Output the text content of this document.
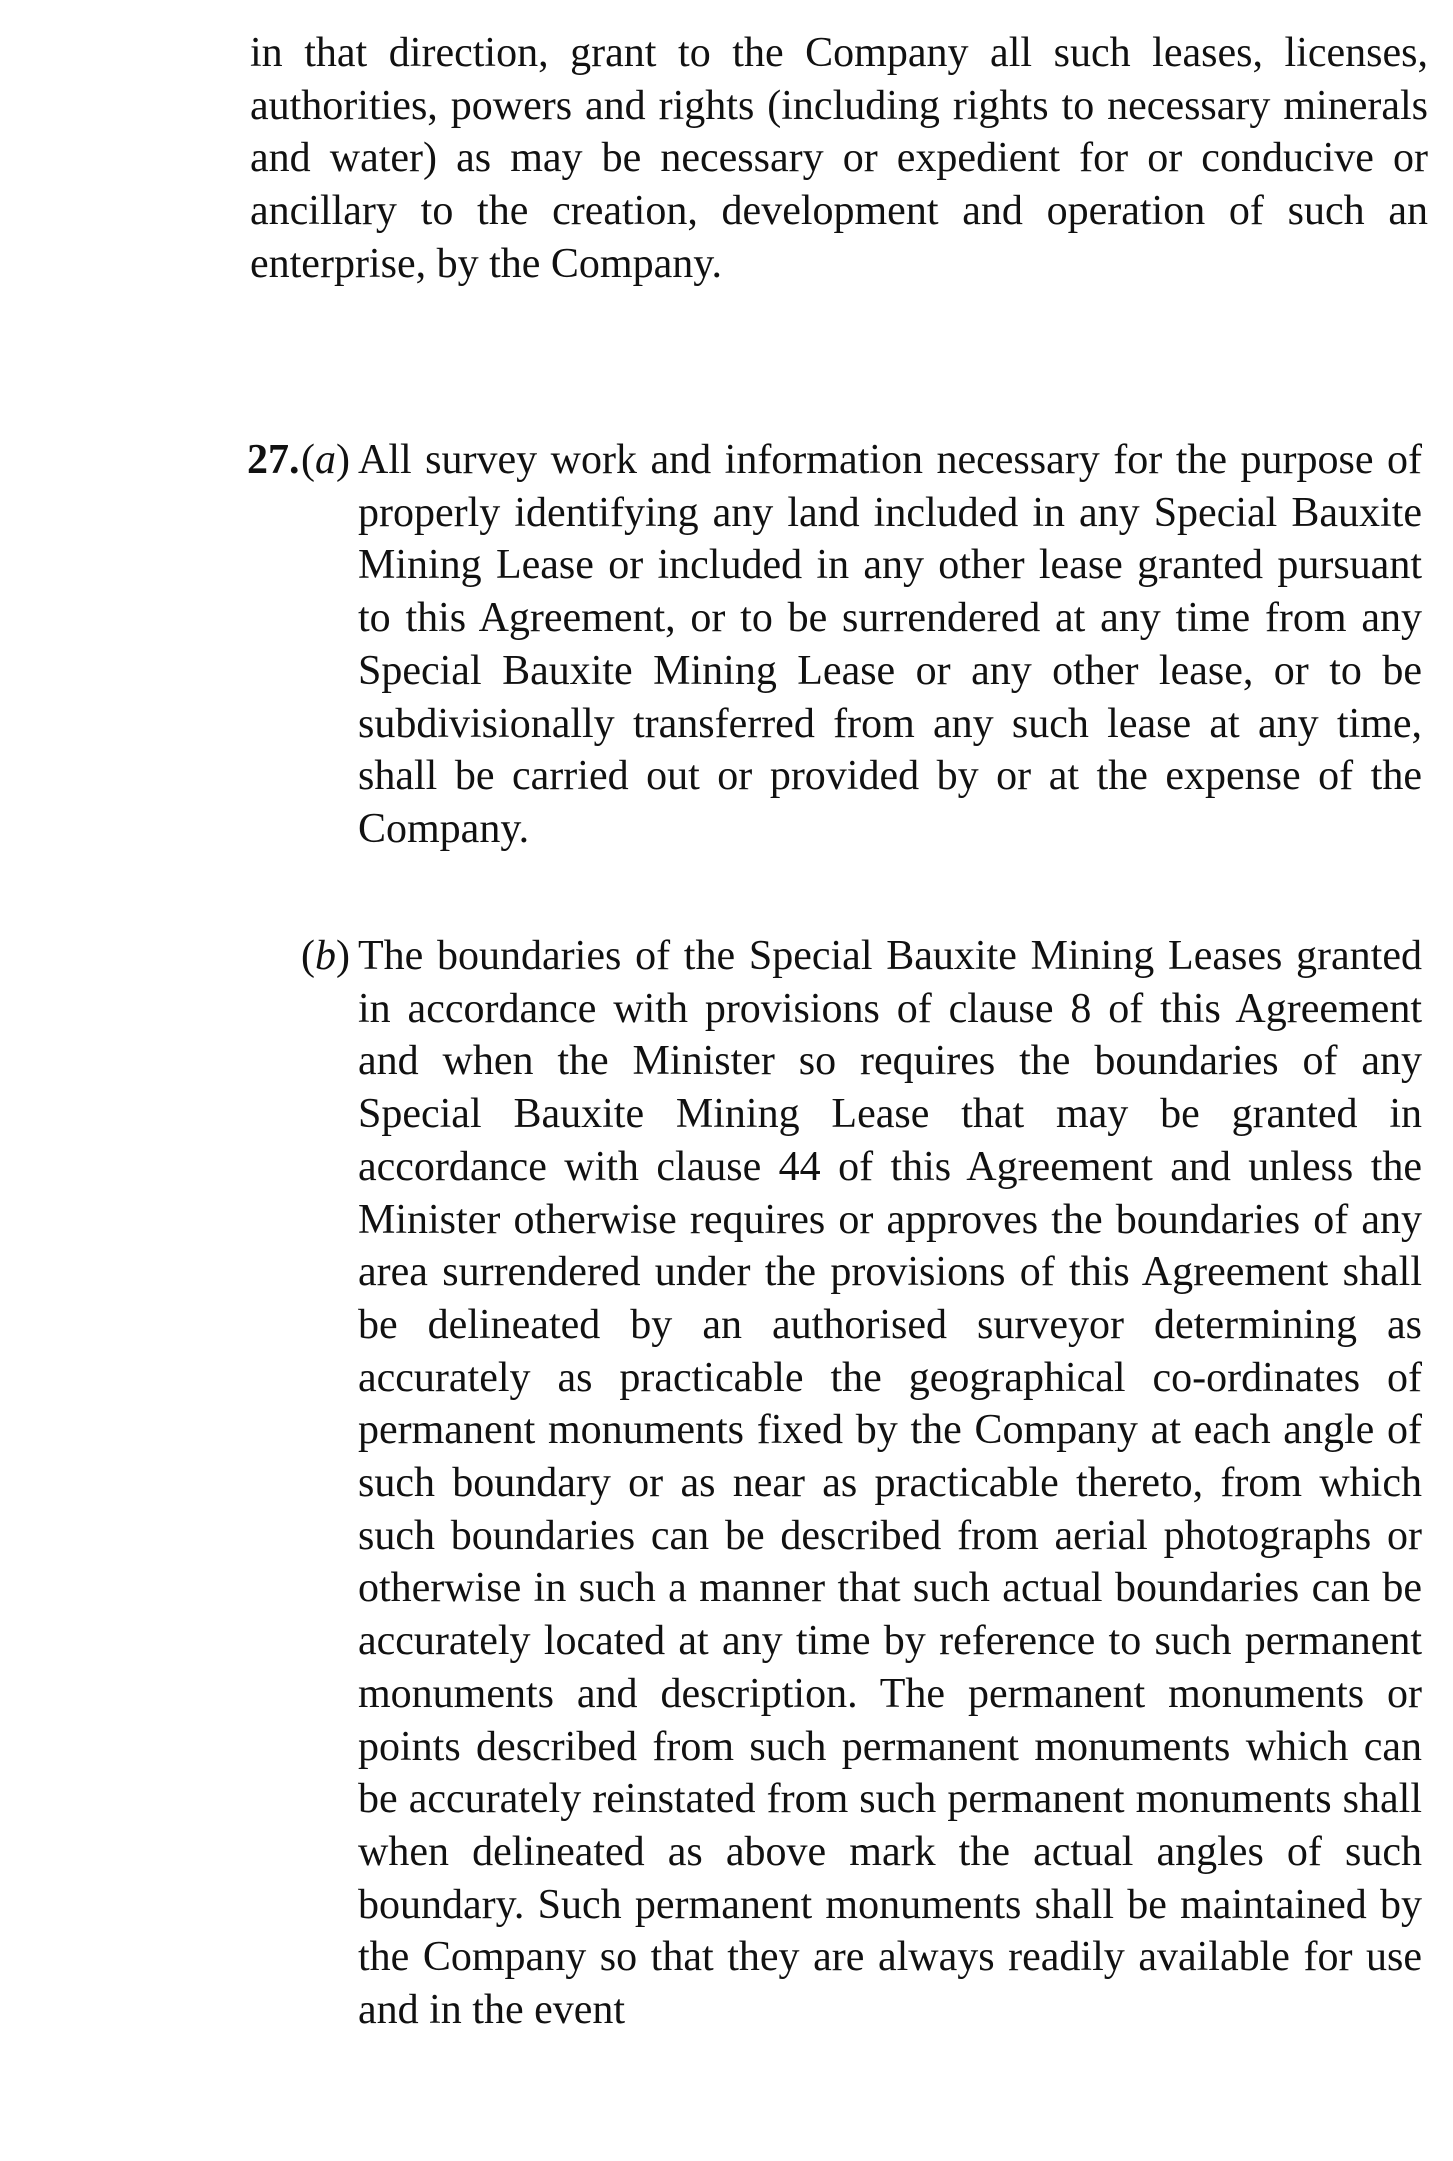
in that direction, grant to the Company all such leases, licenses, authorities, powers and rights (including rights to necessary minerals and water) as may be necessary or expedient for or conducive or ancillary to the creation, development and operation of such an enterprise, by the Company.
27. (a) All survey work and information necessary for the purpose of properly identifying any land included in any Special Bauxite Mining Lease or included in any other lease granted pursuant to this Agreement, or to be surrendered at any time from any Special Bauxite Mining Lease or any other lease, or to be subdivisionally transferred from any such lease at any time, shall be carried out or provided by or at the expense of the Company.
(b) The boundaries of the Special Bauxite Mining Leases granted in accordance with provisions of clause 8 of this Agreement and when the Minister so requires the boundaries of any Special Bauxite Mining Lease that may be granted in accordance with clause 44 of this Agreement and unless the Minister otherwise requires or approves the boundaries of any area surrendered under the provisions of this Agreement shall be delineated by an authorised surveyor determining as accurately as practicable the geographical co-ordinates of permanent monuments fixed by the Company at each angle of such boundary or as near as practicable thereto, from which such boundaries can be described from aerial photographs or otherwise in such a manner that such actual boundaries can be accurately located at any time by reference to such permanent monuments and description. The permanent monuments or points described from such permanent monuments which can be accurately reinstated from such permanent monuments shall when delineated as above mark the actual angles of such boundary. Such permanent monuments shall be maintained by the Company so that they are always readily available for use and in the event
